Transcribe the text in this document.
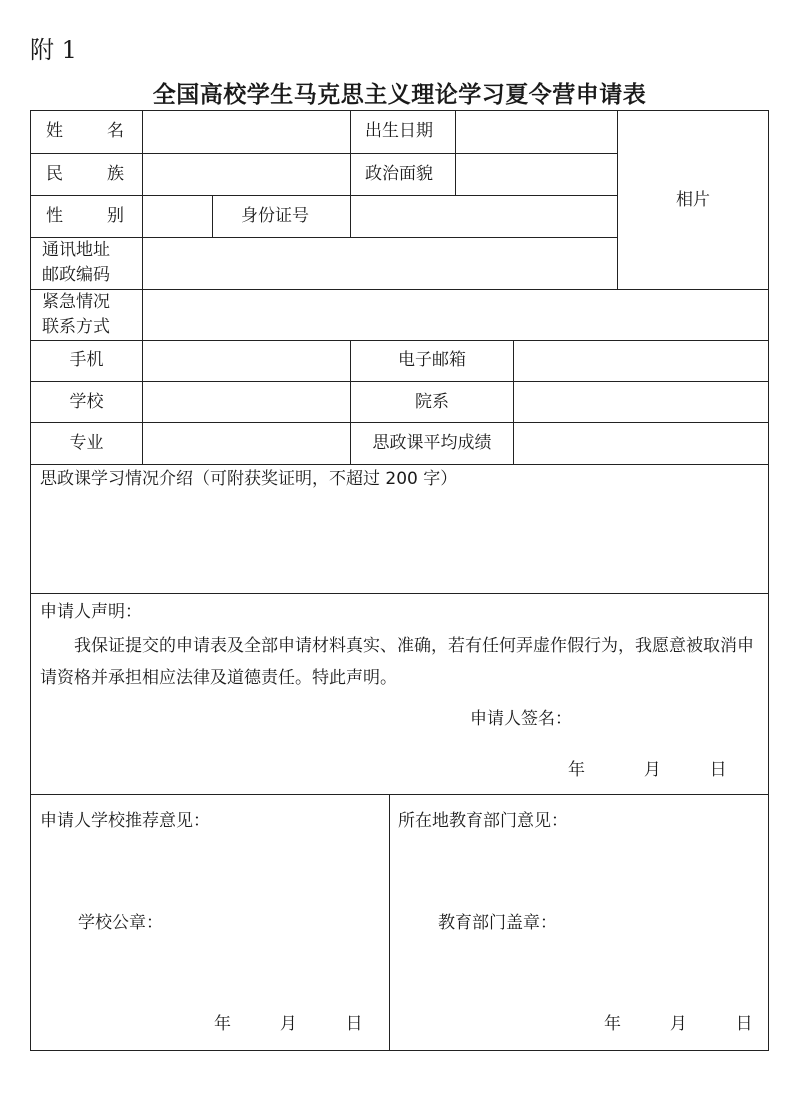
附 1
全国高校学生马克思主义理论学习夏令营申请表
姓	名	出生日期
民	族	政治面貌
相片
性	别	身份证号
通讯地址
邮政编码
紧急情况
联系方式
手机	电子邮箱
学校	院系
专业	思政课平均成绩
思政课学习情况介绍（可附获奖证明，不超过 200 字）
申请人声明：
我保证提交的申请表及全部申请材料真实、准确，若有任何弄虚作假行为，我愿意被取消申请资格并承担相应法律及道德责任。特此声明。
申请人签名：
年	月	日
申请人学校推荐意见：
学校公章：
年	月	日
所在地教育部门意见：
教育部门盖章：
年	月	日
